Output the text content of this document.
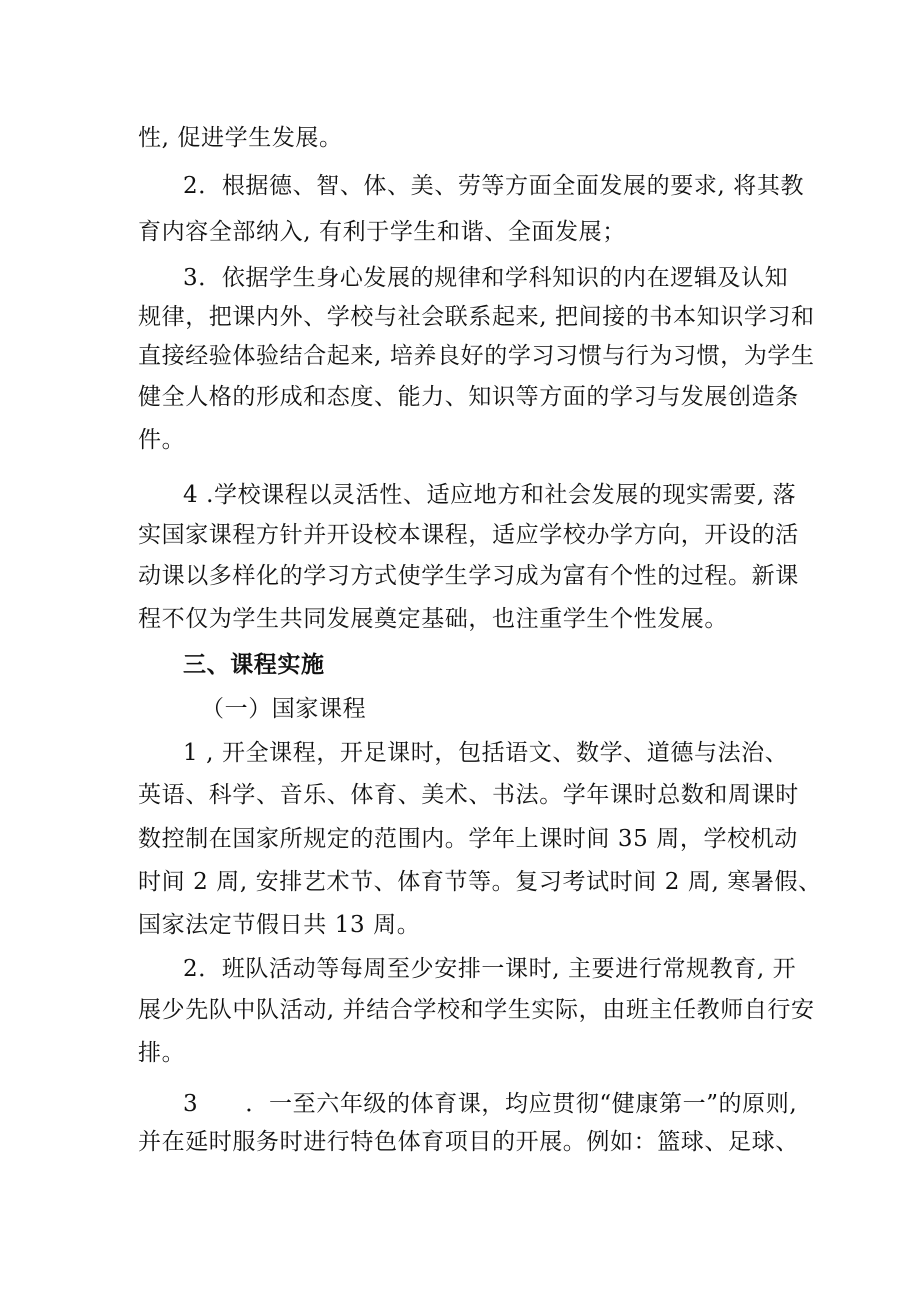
性, 促进学生发展。
2．根据德、智、体、美、劳等方面全面发展的要求, 将其教
育内容全部纳入, 有利于学生和谐、全面发展；
3．依据学生身心发展的规律和学科知识的内在逻辑及认知
规律，把课内外、学校与社会联系起来, 把间接的书本知识学习和
直接经验体验结合起来, 培养良好的学习习惯与行为习惯，为学生
健全人格的形成和态度、能力、知识等方面的学习与发展创造条
件。
4 .学校课程以灵活性、适应地方和社会发展的现实需要, 落
实国家课程方针并开设校本课程，适应学校办学方向，开设的活
动课以多样化的学习方式使学生学习成为富有个性的过程。新课
程不仅为学生共同发展奠定基础，也注重学生个性发展。
三、课程实施
（一）国家课程
1 , 开全课程，开足课时，包括语文、数学、道德与法治、
英语、科学、音乐、体育、美术、书法。学年课时总数和周课时
数控制在国家所规定的范围内。学年上课时间 35 周，学校机动
时间 2 周, 安排艺术节、体育节等。复习考试时间 2 周, 寒暑假、
国家法定节假日共 13 周。
2．班队活动等每周至少安排一课时, 主要进行常规教育, 开
展少先队中队活动, 并结合学校和学生实际，由班主任教师自行安
排。
3　　．一至六年级的体育课，均应贯彻“健康第一”的原则,
并在延时服务时进行特色体育项目的开展。例如：篮球、足球、
